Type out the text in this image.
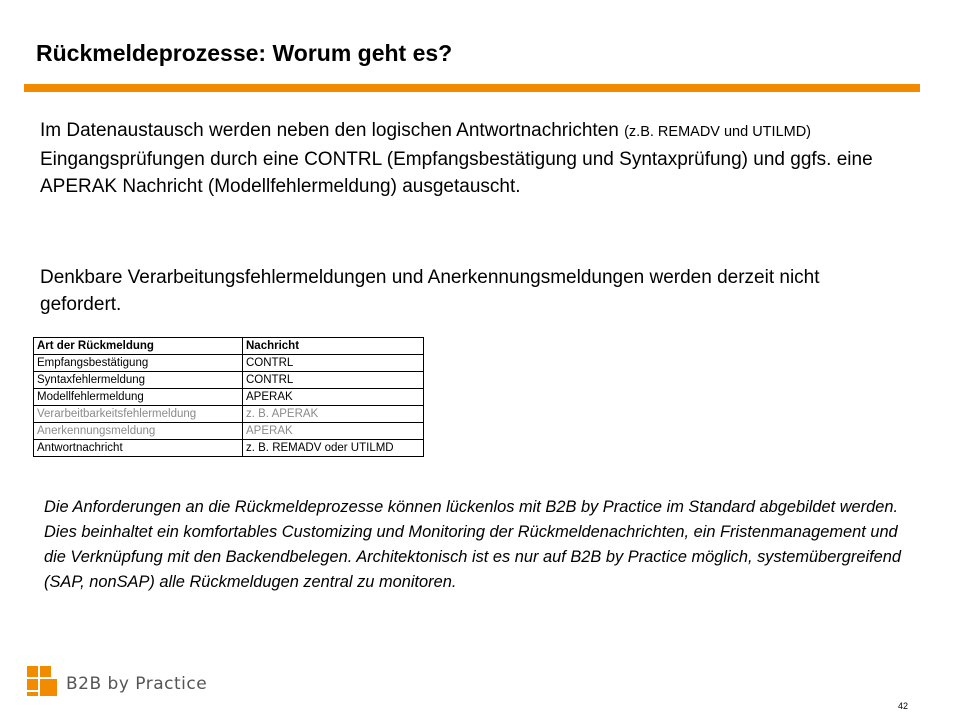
Rückmeldeprozesse: Worum geht es?

Im Datenaustausch werden neben den logischen Antwortnachrichten (z.B. REMADV und UTILMD) Eingangsprüfungen durch eine CONTRL (Empfangsbestätigung und Syntaxprüfung) und ggfs. eine APERAK Nachricht (Modellfehlermeldung) ausgetauscht.

Denkbare Verarbeitungsfehlermeldungen und Anerkennungsmeldungen werden derzeit nicht gefordert.

Art der Rückmeldung	Nachricht
Empfangsbestätigung	CONTRL
Syntaxfehlermeldung	CONTRL
Modellfehlermeldung	APERAK
Verarbeitbarkeitsfehlermeldung	z. B. APERAK
Anerkennungsmeldung	APERAK
Antwortnachricht	z. B. REMADV oder UTILMD

Die Anforderungen an die Rückmeldeprozesse können lückenlos mit B2B by Practice im Standard abgebildet werden. Dies beinhaltet ein komfortables Customizing und Monitoring der Rückmeldenachrichten, ein Fristenmanagement und die Verknüpfung mit den Backendbelegen. Architektonisch ist es nur auf B2B by Practice möglich, systemübergreifend (SAP, nonSAP) alle Rückmeldugen zentral zu monitoren.

B2B by Practice
42
